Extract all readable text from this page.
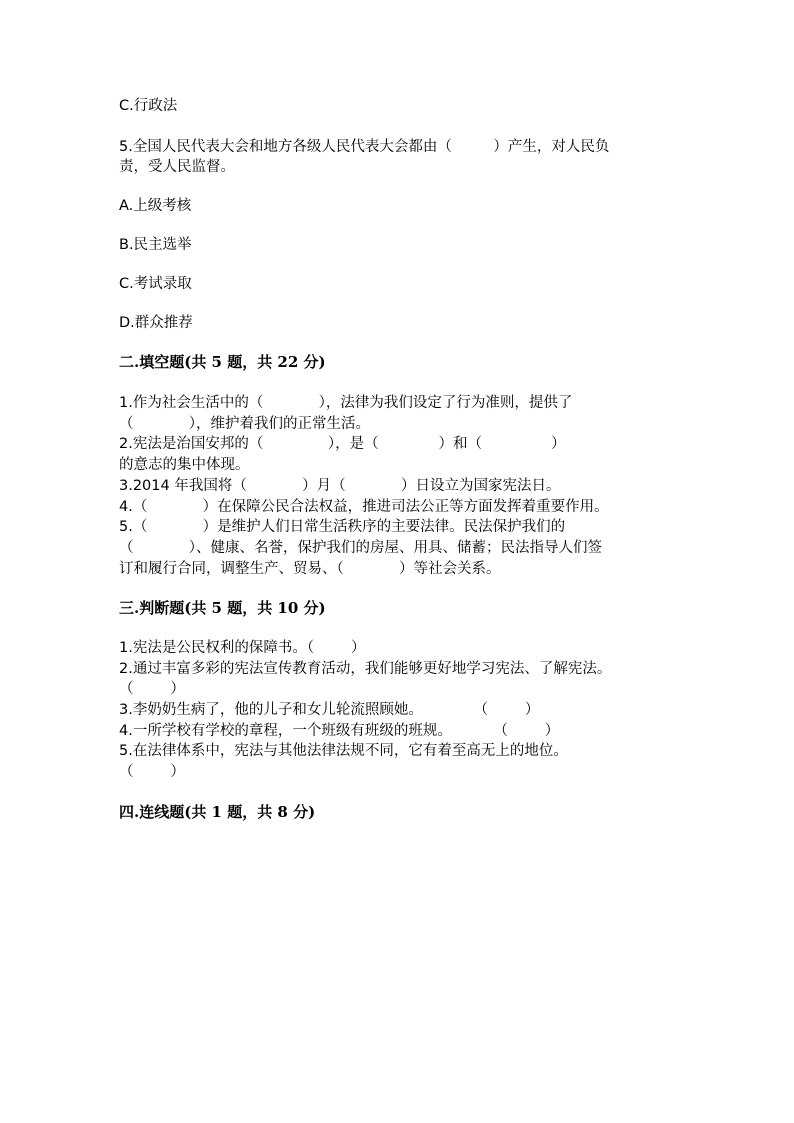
C.行政法
5.全国人民代表大会和地方各级人民代表大会都由（         ）产生，对人民负
责，受人民监督。
A.上级考核
B.民主选举
C.考试录取
D.群众推荐
二.填空题(共 5 题，共 22 分)
1.作为社会生活中的（            ），法律为我们设定了行为准则，提供了
（            ），维护着我们的正常生活。
2.宪法是治国安邦的（              ），是（             ）和（               ）
的意志的集中体现。
3.2014 年我国将（            ）月（            ）日设立为国家宪法日。
4.（            ）在保障公民合法权益，推进司法公正等方面发挥着重要作用。
5.（            ）是维护人们日常生活秩序的主要法律。民法保护我们的
（            ）、健康、名誉，保护我们的房屋、用具、储蓄；民法指导人们签
订和履行合同，调整生产、贸易、（            ）等社会关系。
三.判断题(共 5 题，共 10 分)
1.宪法是公民权利的保障书。（        ）
2.通过丰富多彩的宪法宣传教育活动，我们能够更好地学习宪法、了解宪法。
（        ）
3.李奶奶生病了，他的儿子和女儿轮流照顾她。           （        ）
4.一所学校有学校的章程，一个班级有班级的班规。         （        ）
5.在法律体系中，宪法与其他法律法规不同，它有着至高无上的地位。
（        ）
四.连线题(共 1 题，共 8 分)
